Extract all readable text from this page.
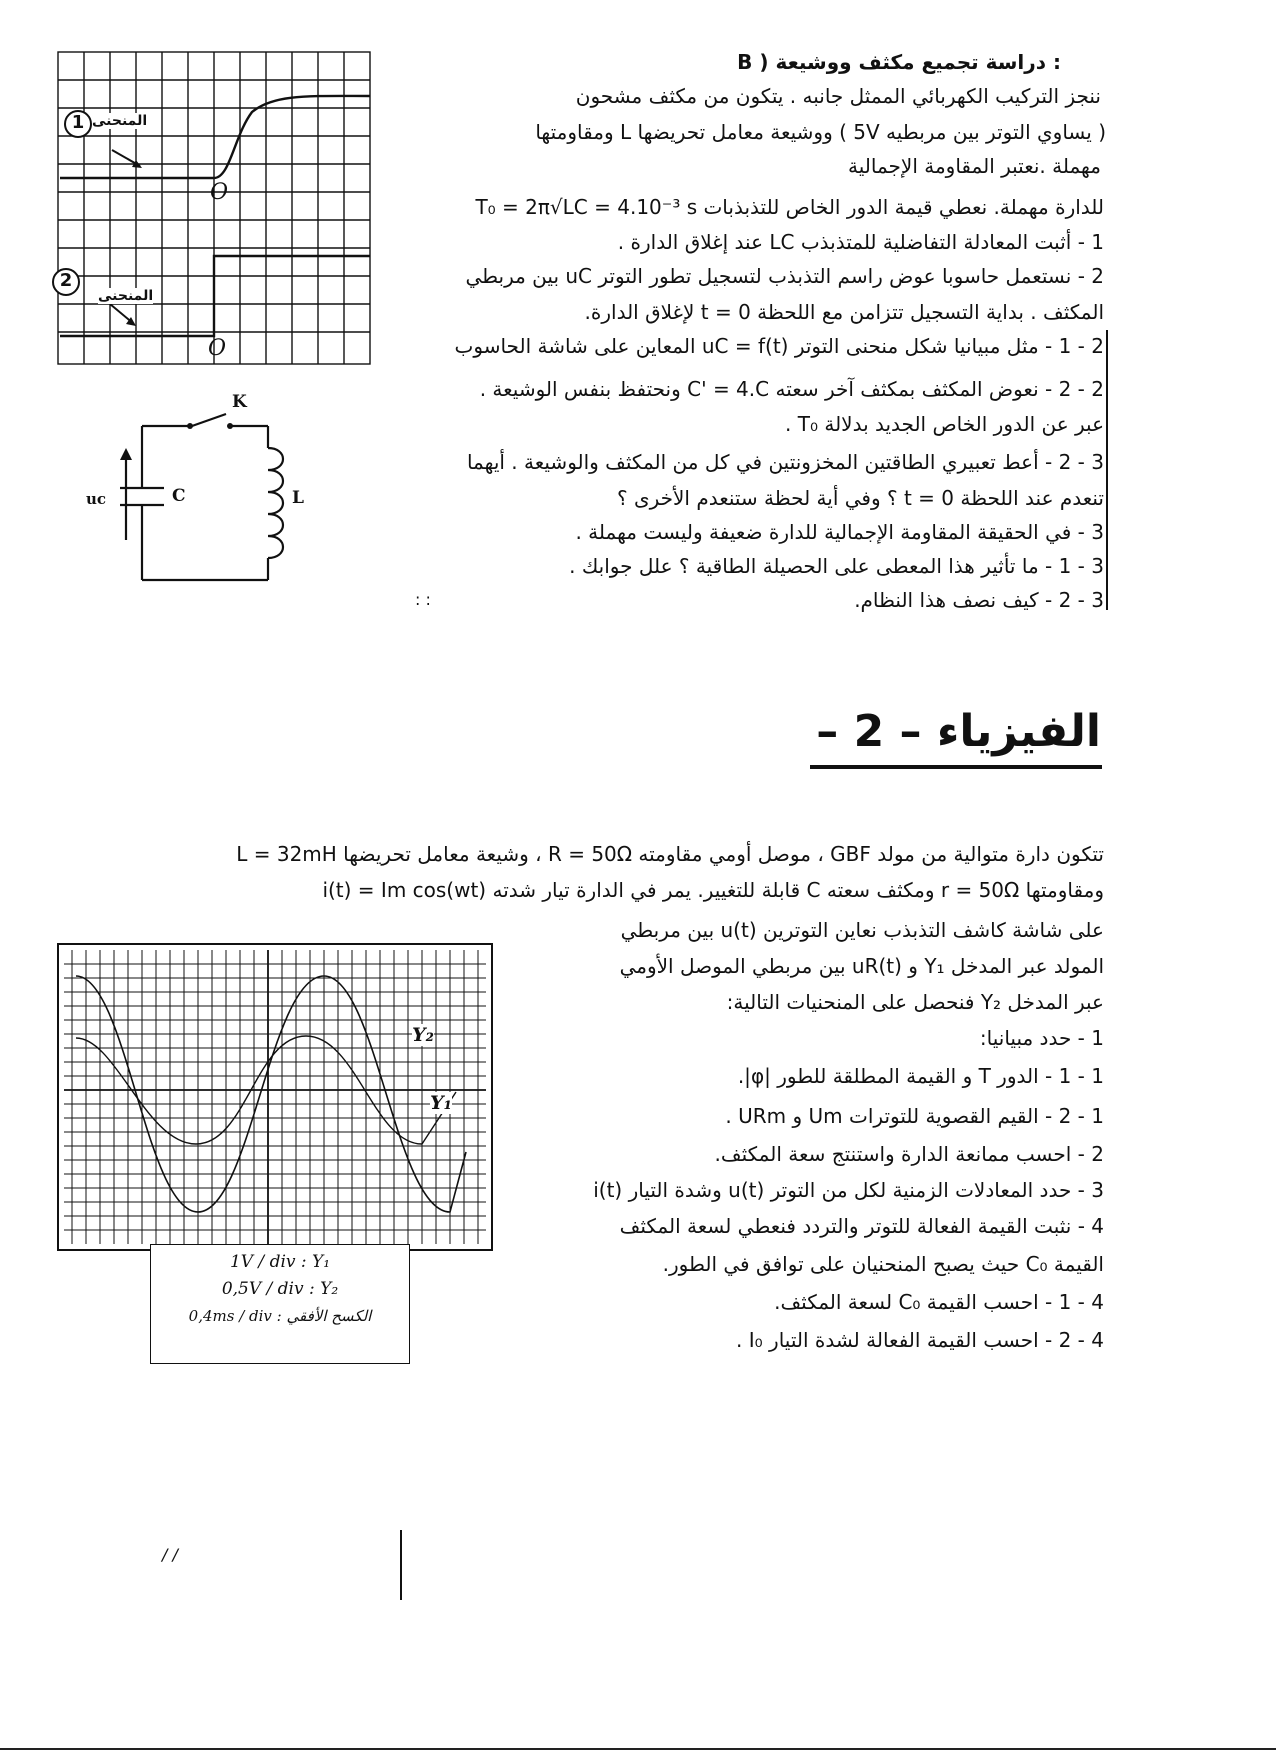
1 المنحنى
2
المنحنى
O
O
K
C	L
uc
: دراسة تجميع مكثف ووشيعة ( B
ننجز التركيب الكهربائي الممثل جانبه . يتكون من مكثف مشحون
( يساوي التوتر بين مربطيه 5V ) ووشيعة معامل تحريضها L ومقاومتها
مهملة .نعتبر المقاومة الإجمالية
للدارة مهملة. نعطي قيمة الدور الخاص للتذبذبات T₀ = 2π√LC = 4.10⁻³ s
1 - أثبت المعادلة التفاضلية للمتذبذب LC عند إغلاق الدارة .
2 - نستعمل حاسوبا عوض راسم التذبذب لتسجيل تطور التوتر uC بين مربطي
المكثف . بداية التسجيل تتزامن مع اللحظة t = 0 لإغلاق الدارة.
2 - 1 - مثل مبيانيا شكل منحنى التوتر uC = f(t) المعاين على شاشة الحاسوب
2 - 2 - نعوض المكثف بمكثف آخر سعته C' = 4.C ونحتفظ بنفس الوشيعة .
عبر عن الدور الخاص الجديد بدلالة T₀ .
3 - 2 - أعط تعبيري الطاقتين المخزونتين في كل من المكثف والوشيعة . أيهما
تنعدم عند اللحظة t = 0 ؟ وفي أية لحظة ستنعدم الأخرى ؟
3 - في الحقيقة المقاومة الإجمالية للدارة ضعيفة وليست مهملة .
3 - 1 - ما تأثير هذا المعطى على الحصيلة الطاقية ؟ علل جوابك .
3 - 2 - كيف نصف هذا النظام.
: :
الفيزياء – 2 –
تتكون دارة متوالية من مولد GBF ، موصل أومي مقاومته R = 50Ω ، وشيعة معامل تحريضها L = 32mH
ومقاومتها r = 50Ω ومكثف سعته C قابلة للتغيير. يمر في الدارة تيار شدته i(t) = Im cos(wt)
على شاشة كاشف التذبذب نعاين التوترين u(t) بين مربطي
المولد عبر المدخل Y₁ و uR(t) بين مربطي الموصل الأومي
عبر المدخل Y₂ فنحصل على المنحنيات التالية:
1 - حدد مبيانيا:
1 - 1 - الدور T و القيمة المطلقة للطور |φ|.
1 - 2 - القيم القصوية للتوترات Um و URm .
2 - احسب ممانعة الدارة واستنتج سعة المكثف.
3 - حدد المعادلات الزمنية لكل من التوتر u(t) وشدة التيار i(t)
4 - نثبت القيمة الفعالة للتوتر والتردد فنعطي لسعة المكثف
القيمة C₀ حيث يصبح المنحنيان على توافق في الطور.
4 - 1 - احسب القيمة C₀ لسعة المكثف.
4 - 2 - احسب القيمة الفعالة لشدة التيار I₀ .
Y₂
Y₁
1V / div : Y₁
0,5V / div : Y₂
0,4ms / div : الكسح الأفقي
/ /
